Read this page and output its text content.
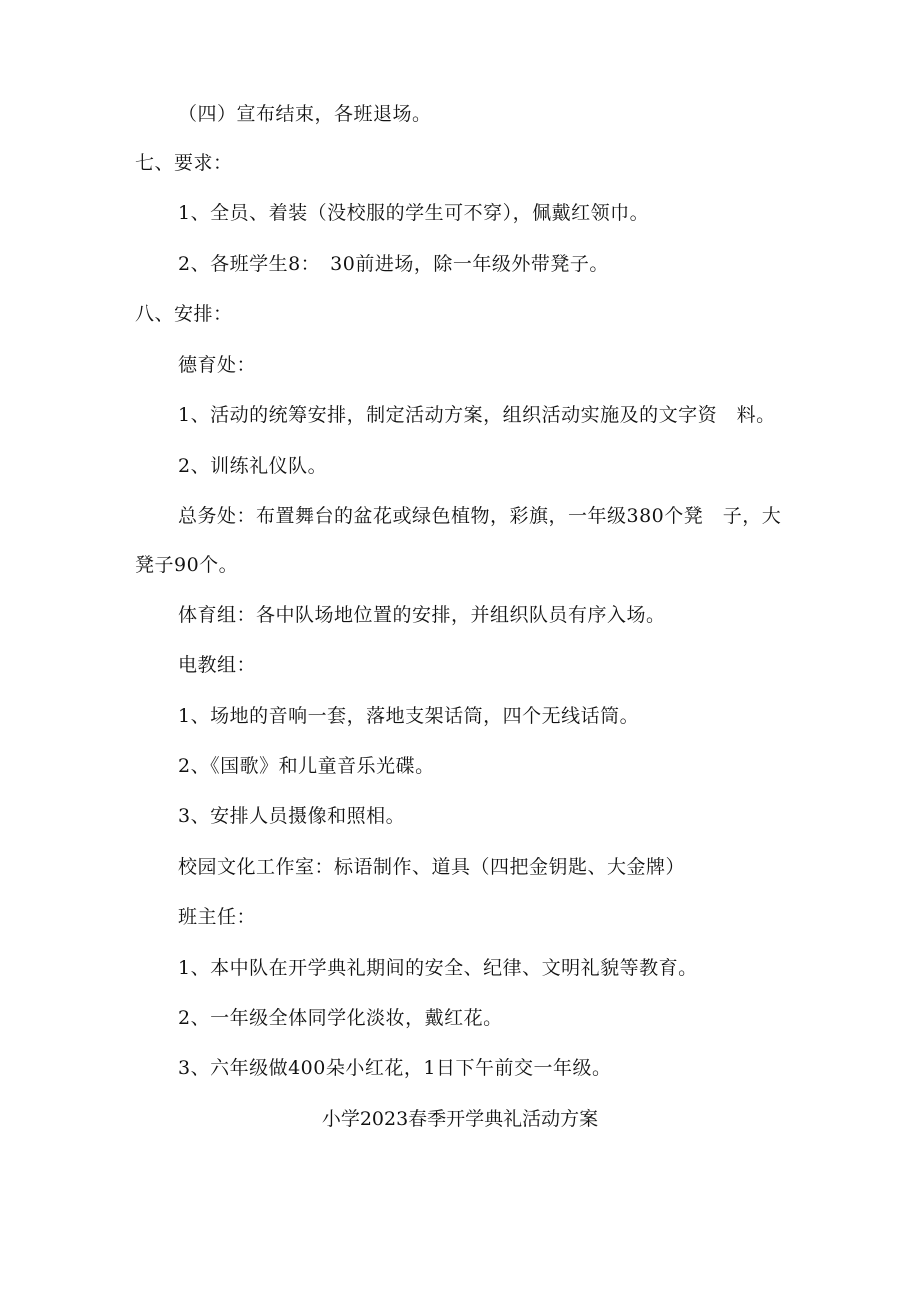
（四）宣布结束，各班退场。
七、要求：
1、全员、着装（没校服的学生可不穿），佩戴红领巾。
2、各班学生8：　30前进场，除一年级外带凳子。
八、安排：
德育处：
1、活动的统筹安排，制定活动方案，组织活动实施及的文字资　料。
2、训练礼仪队。
总务处：布置舞台的盆花或绿色植物，彩旗，一年级380个凳　子，大
凳子90个。
体育组：各中队场地位置的安排，并组织队员有序入场。
电教组：
1、场地的音响一套，落地支架话筒，四个无线话筒。
2、《国歌》和儿童音乐光碟。
3、安排人员摄像和照相。
校园文化工作室：标语制作、道具（四把金钥匙、大金牌）
班主任：
1、本中队在开学典礼期间的安全、纪律、文明礼貌等教育。
2、一年级全体同学化淡妆，戴红花。
3、六年级做400朵小红花，1日下午前交一年级。
小学2023春季开学典礼活动方案
